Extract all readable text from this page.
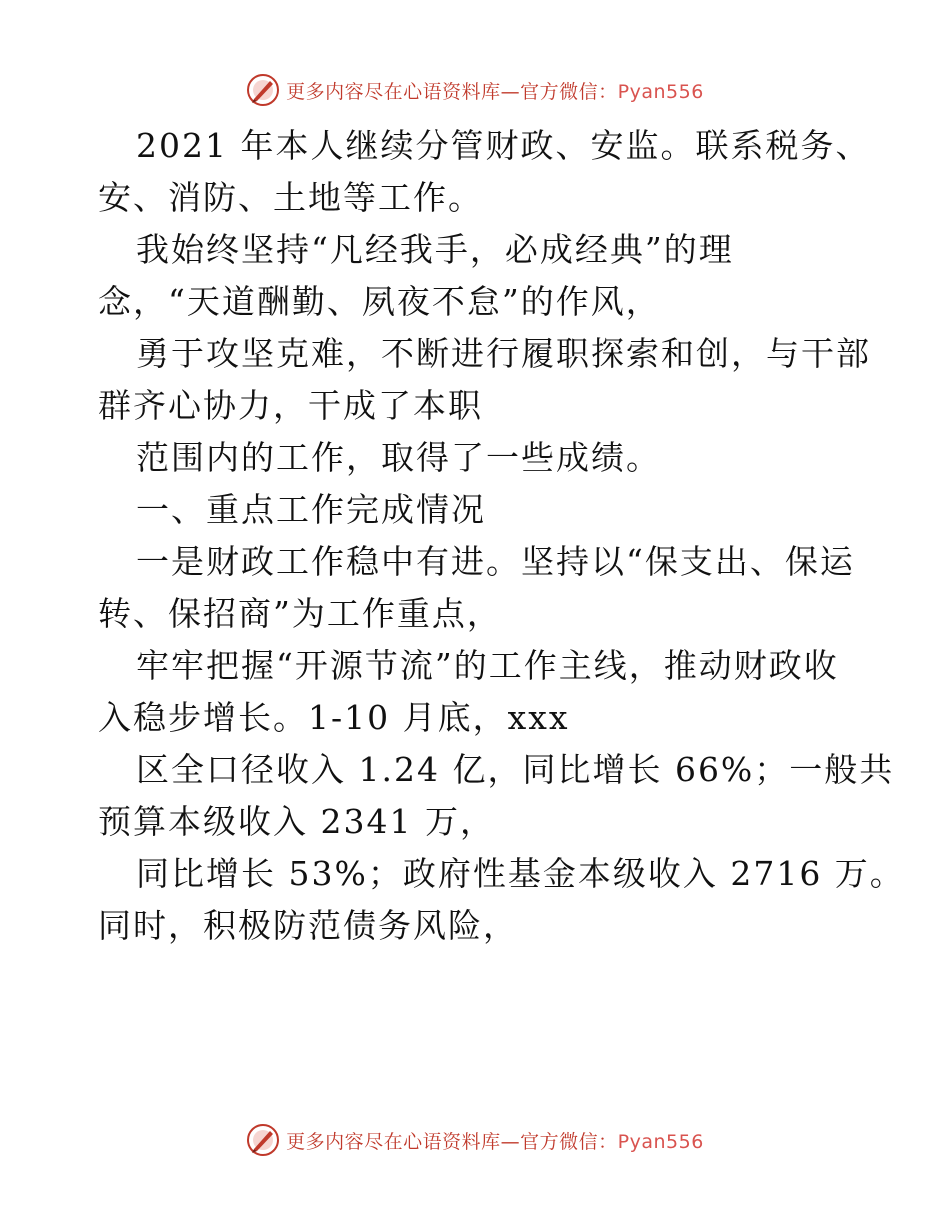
更多内容尽在心语资料库—官方微信：Pyan556
2021 年本人继续分管财政、安监。联系税务、
安、消防、土地等工作。
我始终坚持“凡经我手，必成经典”的理
念，“天道酬勤、夙夜不怠”的作风，
勇于攻坚克难，不断进行履职探索和创，与干部
群齐心协力，干成了本职
范围内的工作，取得了一些成绩。
一、重点工作完成情况
一是财政工作稳中有进。坚持以“保支出、保运
转、保招商”为工作重点，
牢牢把握“开源节流”的工作主线，推动财政收
入稳步增长。1-10 月底，xxx
区全口径收入 1.24 亿，同比增长 66%；一般共
预算本级收入 2341 万，
同比增长 53%；政府性基金本级收入 2716 万。
同时，积极防范债务风险，
更多内容尽在心语资料库—官方微信：Pyan556
